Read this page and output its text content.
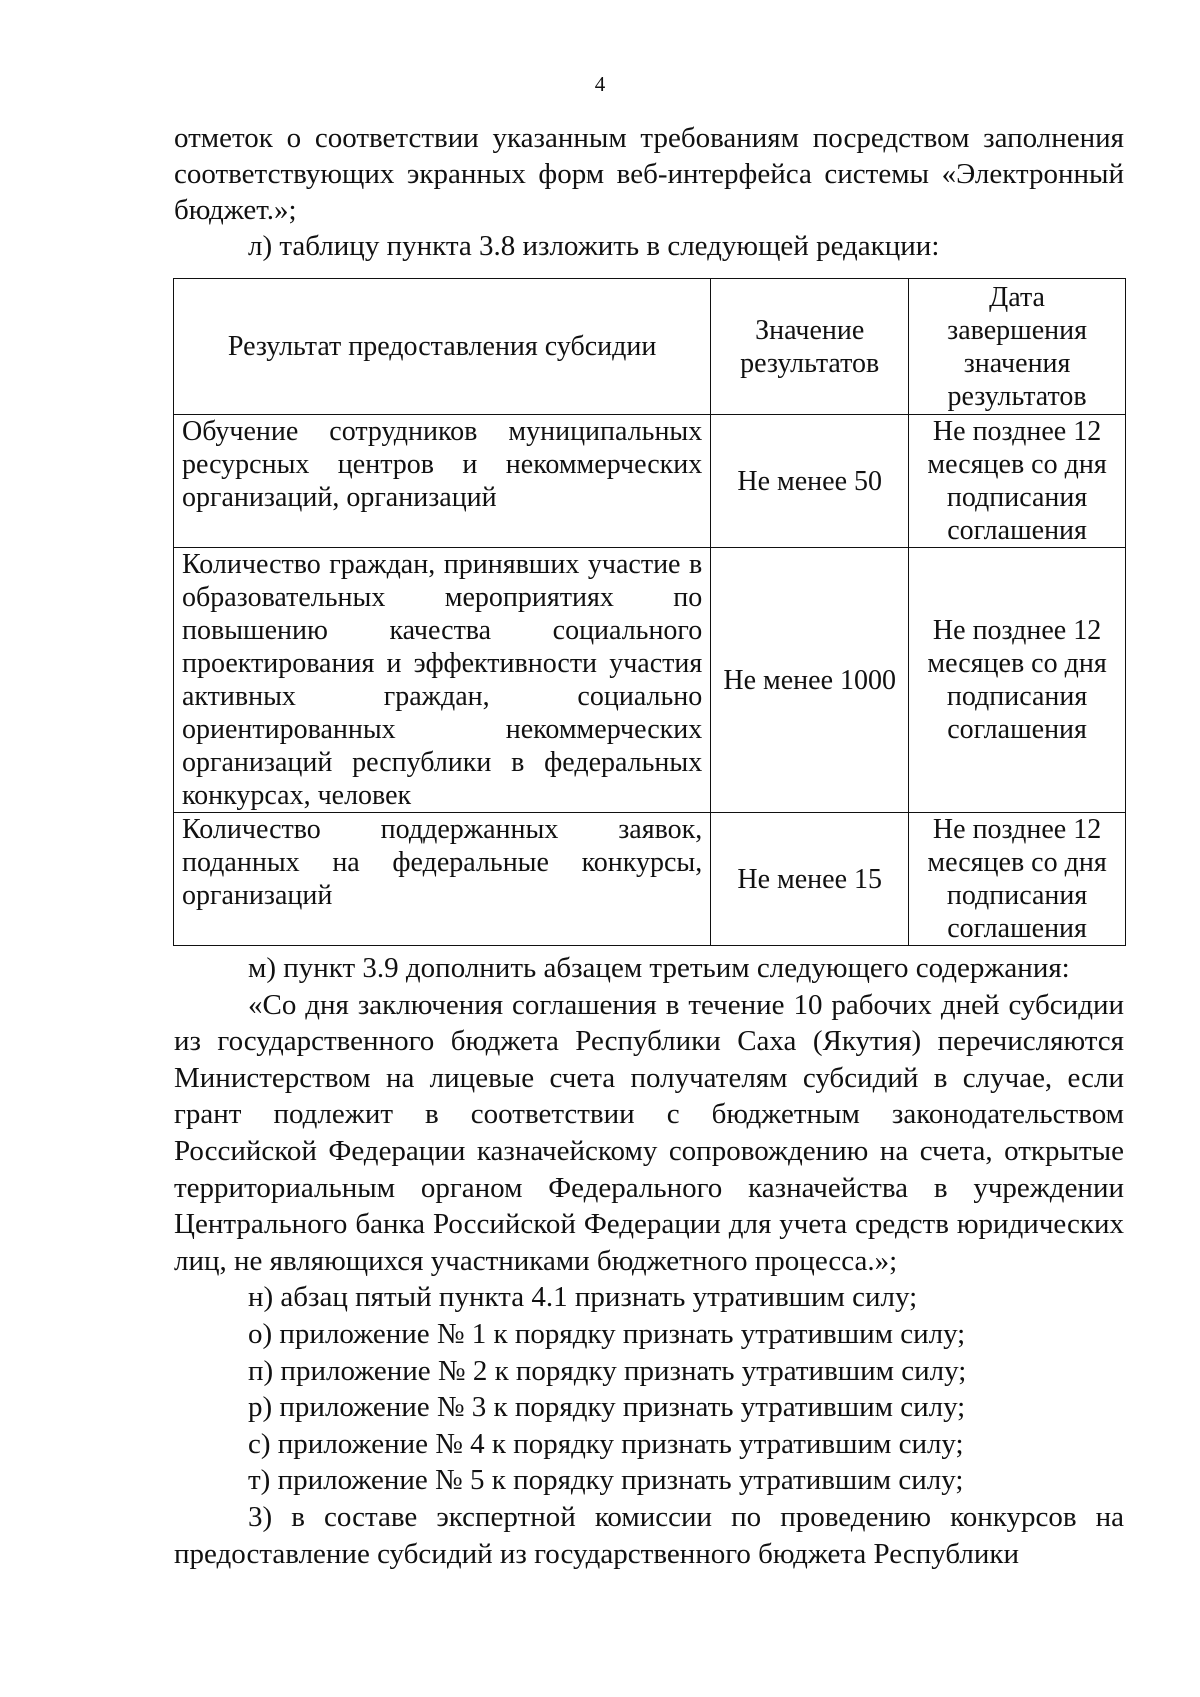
4

отметок о соответствии указанным требованиям посредством заполнения соответствующих экранных форм веб-интерфейса системы «Электронный бюджет.»;

л) таблицу пункта 3.8 изложить в следующей редакции:

Результат предоставления субсидии	Значение результатов	Дата завершения значения результатов
Обучение сотрудников муниципальных ресурсных центров и некоммерческих организаций, организаций	Не менее 50	Не позднее 12 месяцев со дня подписания соглашения
Количество граждан, принявших участие в образовательных мероприятиях по повышению качества социального проектирования и эффективности участия активных граждан, социально ориентированных некоммерческих организаций республики в федеральных конкурсах, человек	Не менее 1000	Не позднее 12 месяцев со дня подписания соглашения
Количество поддержанных заявок, поданных на федеральные конкурсы, организаций	Не менее 15	Не позднее 12 месяцев со дня подписания соглашения

м) пункт 3.9 дополнить абзацем третьим следующего содержания:

«Со дня заключения соглашения в течение 10 рабочих дней субсидии из государственного бюджета Республики Саха (Якутия) перечисляются Министерством на лицевые счета получателям субсидий в случае, если грант подлежит в соответствии с бюджетным законодательством Российской Федерации казначейскому сопровождению на счета, открытые территориальным органом Федерального казначейства в учреждении Центрального банка Российской Федерации для учета средств юридических лиц, не являющихся участниками бюджетного процесса.»;

н) абзац пятый пункта 4.1 признать утратившим силу;

о) приложение № 1 к порядку признать утратившим силу;

п) приложение № 2 к порядку признать утратившим силу;

р) приложение № 3 к порядку признать утратившим силу;

с) приложение № 4 к порядку признать утратившим силу;

т) приложение № 5 к порядку признать утратившим силу;

3) в составе экспертной комиссии по проведению конкурсов на предоставление субсидий из государственного бюджета Республики
